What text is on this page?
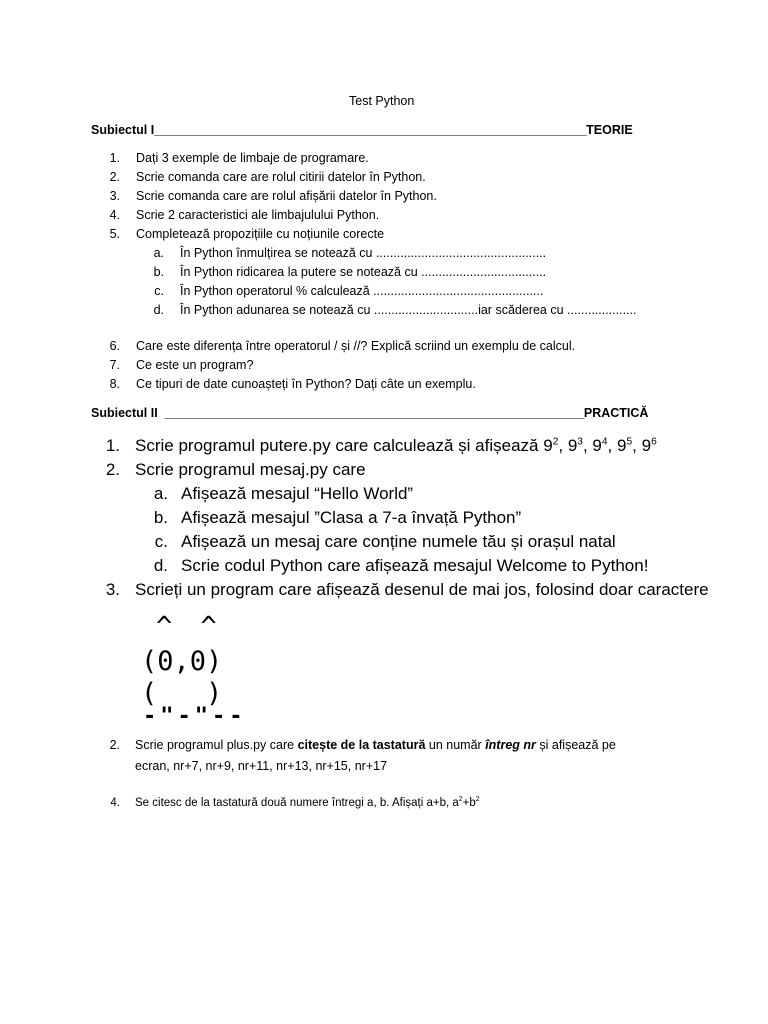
Test Python
Subiectul I____________________________________________________________________TEORIE
1. Dați 3 exemple de limbaje de programare.
2. Scrie comanda care are rolul citirii datelor în Python.
3. Scrie comanda care are rolul afișării datelor în Python.
4. Scrie 2 caracteristici ale limbajulului Python.
5. Completează propozițiile cu noțiunile corecte
a. În Python înmulțirea se notează cu .................................................
b. În Python ridicarea la putere se notează cu ....................................
c. În Python operatorul % calculează .................................................
d. În Python adunarea se notează cu ..............................iar scăderea cu ....................
6. Care este diferența între operatorul / și //? Explică scriind un exemplu de calcul.
7. Ce este un program?
8. Ce tipuri de date cunoașteți în Python? Dați câte un exemplu.
Subiectul II __________________________________________________________________PRACTICĂ
1. Scrie programul putere.py care calculează și afișează $9^2$, $9^3$, $9^4$, $9^5$, $9^6$
2. Scrie programul mesaj.py care
a. Afișează mesajul “Hello World”
b. Afișează mesajul ”Clasa a 7-a învață Python”
c. Afișează un mesaj care conține numele tău și orașul natal
d. Scrie codul Python care afișează mesajul Welcome to Python!
3. Scrieți un program care afișează desenul de mai jos, folosind doar caractere
^ ^
(0,0)
(   )
-"-"--
2. Scrie programul plus.py care citește de la tastatură un număr întreg nr și afișează pe
ecran, nr+7, nr+9, nr+11, nr+13, nr+15, nr+17
4. Se citesc de la tastatură două numere întregi a, b. Afișați a+b, $a^2+b^2$
